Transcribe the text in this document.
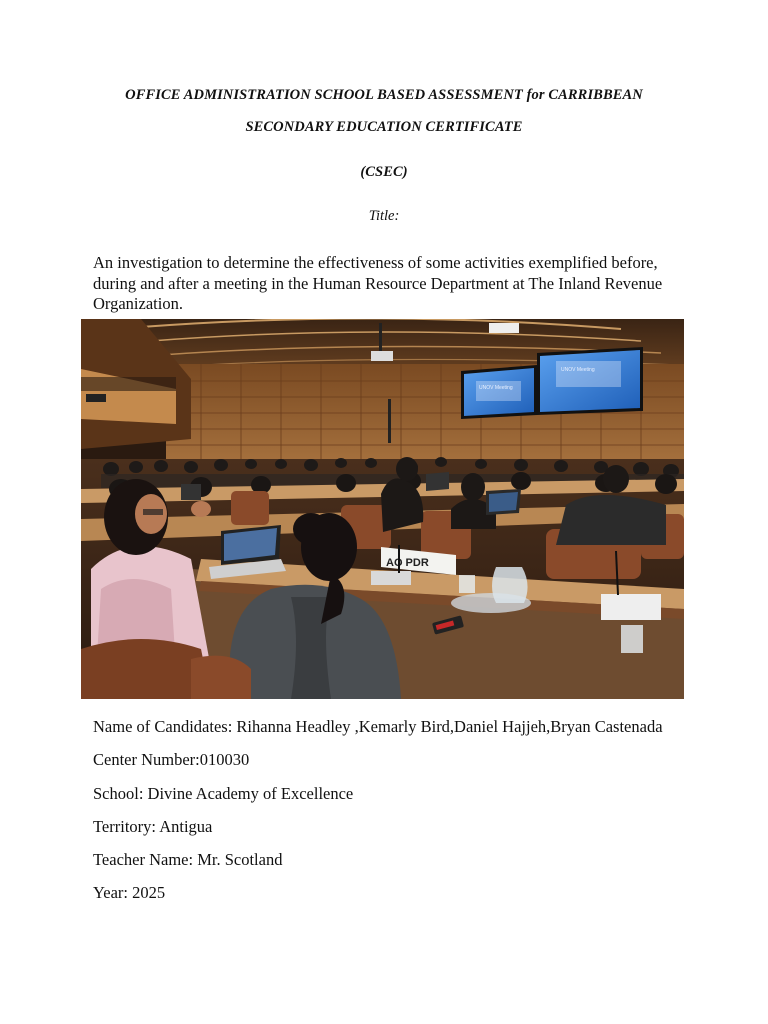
OFFICE ADMINISTRATION SCHOOL BASED ASSESSMENT for CARRIBBEAN
SECONDARY EDUCATION CERTIFICATE
(CSEC)
Title:
An investigation to determine the effectiveness of some activities exemplified before, during and after a meeting in the Human Resource Department at The Inland Revenue Organization.
AO PDR
UNOV Meeting
UNOV Meeting
Name of Candidates: Rihanna Headley ,Kemarly Bird,Daniel Hajjeh,Bryan Castenada
Center Number:010030
School: Divine Academy of Excellence
Territory: Antigua
Teacher Name: Mr. Scotland
Year: 2025
